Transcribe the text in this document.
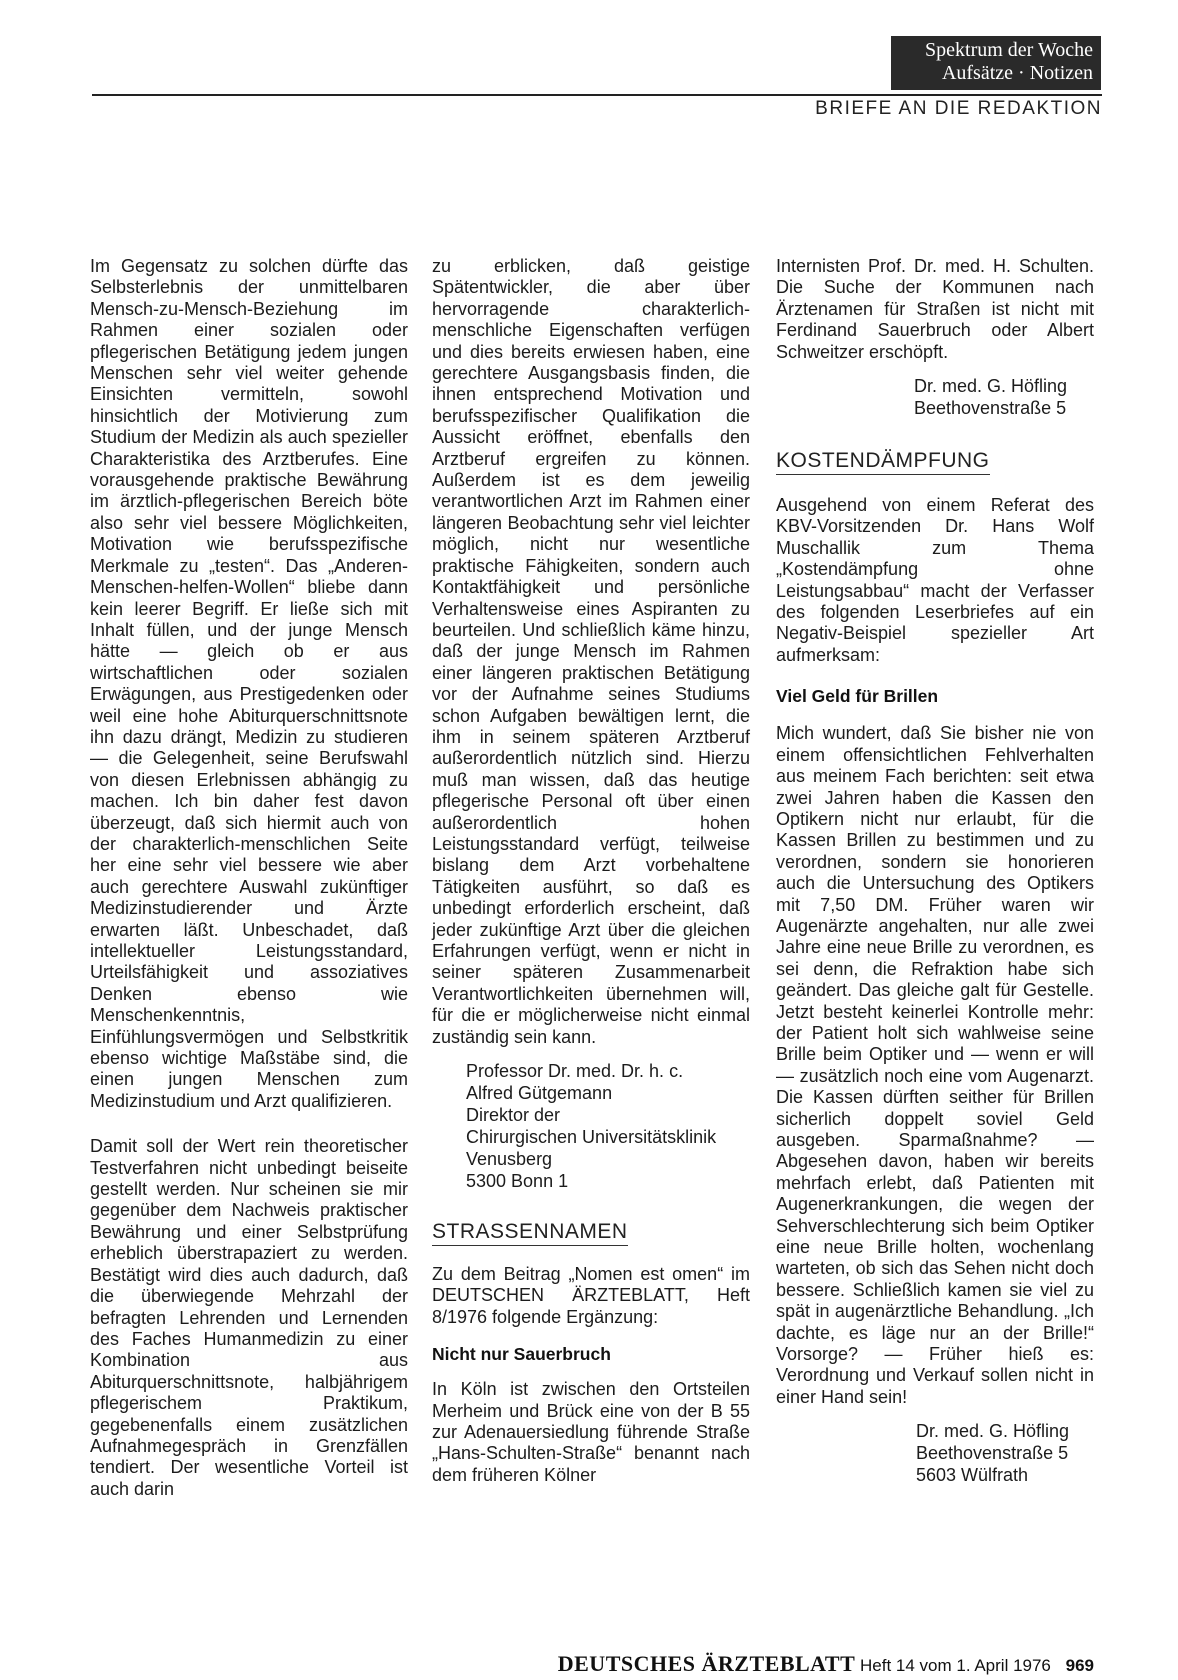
Spektrum der Woche
Aufsätze · Notizen
BRIEFE AN DIE REDAKTION

Im Gegensatz zu solchen dürfte das Selbsterlebnis der unmittelbaren Mensch-zu-Mensch-Beziehung im Rahmen einer sozialen oder pflegerischen Betätigung jedem jungen Menschen sehr viel weiter gehende Einsichten vermitteln, sowohl hinsichtlich der Motivierung zum Studium der Medizin als auch spezieller Charakteristika des Arztberufes. Eine vorausgehende praktische Bewährung im ärztlich-pflegerischen Bereich böte also sehr viel bessere Möglichkeiten, Motivation wie berufsspezifische Merkmale zu „testen“. Das „Anderen-Menschen-helfen-Wollen“ bliebe dann kein leerer Begriff. Er ließe sich mit Inhalt füllen, und der junge Mensch hätte — gleich ob er aus wirtschaftlichen oder sozialen Erwägungen, aus Prestigedenken oder weil eine hohe Abiturquerschnittsnote ihn dazu drängt, Medizin zu studieren — die Gelegenheit, seine Berufswahl von diesen Erlebnissen abhängig zu machen. Ich bin daher fest davon überzeugt, daß sich hiermit auch von der charakterlich-menschlichen Seite her eine sehr viel bessere wie aber auch gerechtere Auswahl zukünftiger Medizinstudierender und Ärzte erwarten läßt. Unbeschadet, daß intellektueller Leistungsstandard, Urteilsfähigkeit und assoziatives Denken ebenso wie Menschenkenntnis, Einfühlungsvermögen und Selbstkritik ebenso wichtige Maßstäbe sind, die einen jungen Menschen zum Medizinstudium und Arzt qualifizieren.

Damit soll der Wert rein theoretischer Testverfahren nicht unbedingt beiseite gestellt werden. Nur scheinen sie mir gegenüber dem Nachweis praktischer Bewährung und einer Selbstprüfung erheblich überstrapaziert zu werden. Bestätigt wird dies auch dadurch, daß die überwiegende Mehrzahl der befragten Lehrenden und Lernenden des Faches Humanmedizin zu einer Kombination aus Abiturquerschnittsnote, halbjährigem pflegerischem Praktikum, gegebenenfalls einem zusätzlichen Aufnahmegespräch in Grenzfällen tendiert. Der wesentliche Vorteil ist auch darin

zu erblicken, daß geistige Spätentwickler, die aber über hervorragende charakterlich-menschliche Eigenschaften verfügen und dies bereits erwiesen haben, eine gerechtere Ausgangsbasis finden, die ihnen entsprechend Motivation und berufsspezifischer Qualifikation die Aussicht eröffnet, ebenfalls den Arztberuf ergreifen zu können. Außerdem ist es dem jeweilig verantwortlichen Arzt im Rahmen einer längeren Beobachtung sehr viel leichter möglich, nicht nur wesentliche praktische Fähigkeiten, sondern auch Kontaktfähigkeit und persönliche Verhaltensweise eines Aspiranten zu beurteilen. Und schließlich käme hinzu, daß der junge Mensch im Rahmen einer längeren praktischen Betätigung vor der Aufnahme seines Studiums schon Aufgaben bewältigen lernt, die ihm in seinem späteren Arztberuf außerordentlich nützlich sind. Hierzu muß man wissen, daß das heutige pflegerische Personal oft über einen außerordentlich hohen Leistungsstandard verfügt, teilweise bislang dem Arzt vorbehaltene Tätigkeiten ausführt, so daß es unbedingt erforderlich erscheint, daß jeder zukünftige Arzt über die gleichen Erfahrungen verfügt, wenn er nicht in seiner späteren Zusammenarbeit Verantwortlichkeiten übernehmen will, für die er möglicherweise nicht einmal zuständig sein kann.

Professor Dr. med. Dr. h. c.
Alfred Gütgemann
Direktor der
Chirurgischen Universitätsklinik
Venusberg
5300 Bonn 1
STRASSENNAMEN

Zu dem Beitrag „Nomen est omen“ im DEUTSCHEN ÄRZTEBLATT, Heft 8/1976 folgende Ergänzung:

Nicht nur Sauerbruch

In Köln ist zwischen den Ortsteilen Merheim und Brück eine von der B 55 zur Adenauersiedlung führende Straße „Hans-Schulten-Straße“ benannt nach dem früheren Kölner

Internisten Prof. Dr. med. H. Schulten. Die Suche der Kommunen nach Ärztenamen für Straßen ist nicht mit Ferdinand Sauerbruch oder Albert Schweitzer erschöpft.

Dr. med. G. Höfling
Beethovenstraße 5
KOSTENDÄMPFUNG

Ausgehend von einem Referat des KBV-Vorsitzenden Dr. Hans Wolf Muschallik zum Thema „Kostendämpfung ohne Leistungsabbau“ macht der Verfasser des folgenden Leserbriefes auf ein Negativ-Beispiel spezieller Art aufmerksam:

Viel Geld für Brillen

Mich wundert, daß Sie bisher nie von einem offensichtlichen Fehlverhalten aus meinem Fach berichten: seit etwa zwei Jahren haben die Kassen den Optikern nicht nur erlaubt, für die Kassen Brillen zu bestimmen und zu verordnen, sondern sie honorieren auch die Untersuchung des Optikers mit 7,50 DM. Früher waren wir Augenärzte angehalten, nur alle zwei Jahre eine neue Brille zu verordnen, es sei denn, die Refraktion habe sich geändert. Das gleiche galt für Gestelle. Jetzt besteht keinerlei Kontrolle mehr: der Patient holt sich wahlweise seine Brille beim Optiker und — wenn er will — zusätzlich noch eine vom Augenarzt. Die Kassen dürften seither für Brillen sicherlich doppelt soviel Geld ausgeben. Sparmaßnahme? — Abgesehen davon, haben wir bereits mehrfach erlebt, daß Patienten mit Augenerkrankungen, die wegen der Sehverschlechterung sich beim Optiker eine neue Brille holten, wochenlang warteten, ob sich das Sehen nicht doch bessere. Schließlich kamen sie viel zu spät in augenärztliche Behandlung. „Ich dachte, es läge nur an der Brille!“ Vorsorge? — Früher hieß es: Verordnung und Verkauf sollen nicht in einer Hand sein!

Dr. med. G. Höfling
Beethovenstraße 5
5603 Wülfrath
DEUTSCHES ÄRZTEBLATT Heft 14 vom 1. April 1976 969
